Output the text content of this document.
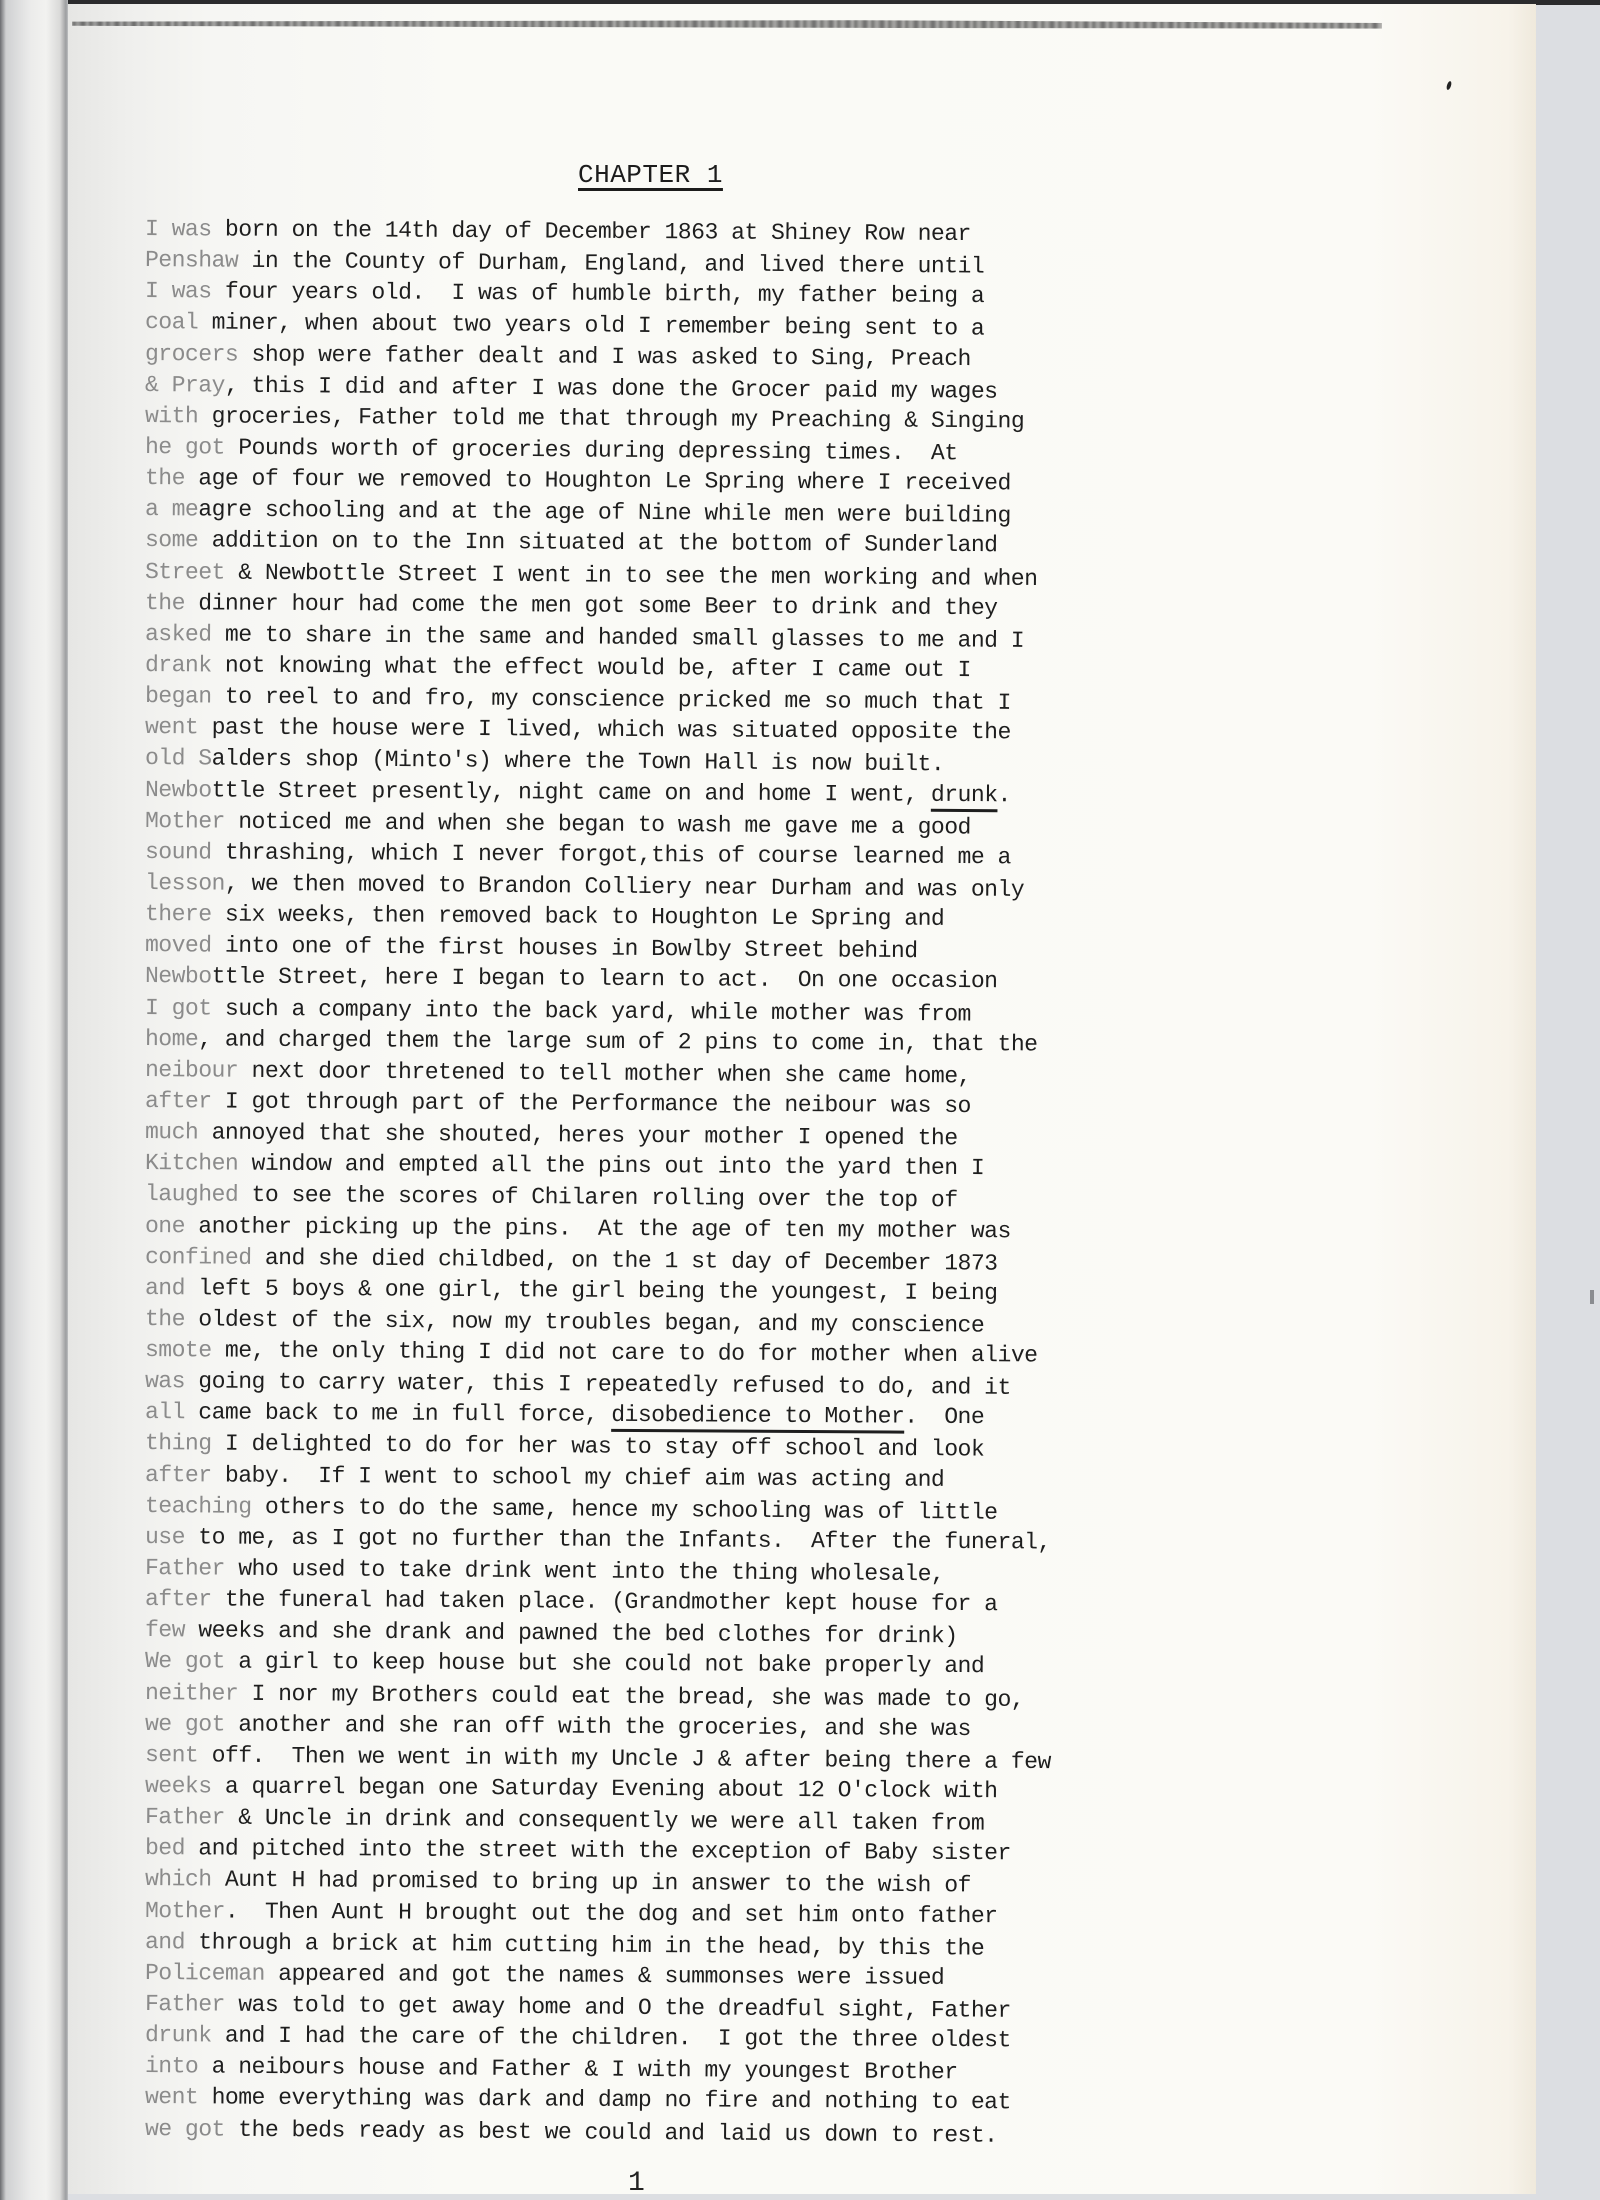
CHAPTER 1
I was born on the 14th day of December 1863 at Shiney Row near
Penshaw in the County of Durham, England, and lived there until
I was four years old.  I was of humble birth, my father being a
coal miner, when about two years old I remember being sent to a
grocers shop were father dealt and I was asked to Sing, Preach
& Pray, this I did and after I was done the Grocer paid my wages
with groceries, Father told me that through my Preaching & Singing
he got Pounds worth of groceries during depressing times.  At
the age of four we removed to Houghton Le Spring where I received
a meagre schooling and at the age of Nine while men were building
some addition on to the Inn situated at the bottom of Sunderland
Street & Newbottle Street I went in to see the men working and when
the dinner hour had come the men got some Beer to drink and they
asked me to share in the same and handed small glasses to me and I
drank not knowing what the effect would be, after I came out I
began to reel to and fro, my conscience pricked me so much that I
went past the house were I lived, which was situated opposite the
old Salders shop (Minto's) where the Town Hall is now built.
Newbottle Street presently, night came on and home I went, drunk.
Mother noticed me and when she began to wash me gave me a good
sound thrashing, which I never forgot,this of course learned me a
lesson, we then moved to Brandon Colliery near Durham and was only
there six weeks, then removed back to Houghton Le Spring and
moved into one of the first houses in Bowlby Street behind
Newbottle Street, here I began to learn to act.  On one occasion
I got such a company into the back yard, while mother was from
home, and charged them the large sum of 2 pins to come in, that the
neibour next door thretened to tell mother when she came home,
after I got through part of the Performance the neibour was so
much annoyed that she shouted, heres your mother I opened the
Kitchen window and empted all the pins out into the yard then I
laughed to see the scores of Chilaren rolling over the top of
one another picking up the pins.  At the age of ten my mother was
confined and she died childbed, on the 1 st day of December 1873
and left 5 boys & one girl, the girl being the youngest, I being
the oldest of the six, now my troubles began, and my conscience
smote me, the only thing I did not care to do for mother when alive
was going to carry water, this I repeatedly refused to do, and it
all came back to me in full force, disobedience to Mother.  One
thing I delighted to do for her was to stay off school and look
after baby.  If I went to school my chief aim was acting and
teaching others to do the same, hence my schooling was of little
use to me, as I got no further than the Infants.  After the funeral,
Father who used to take drink went into the thing wholesale,
after the funeral had taken place. (Grandmother kept house for a
few weeks and she drank and pawned the bed clothes for drink)
We got a girl to keep house but she could not bake properly and
neither I nor my Brothers could eat the bread, she was made to go,
we got another and she ran off with the groceries, and she was
sent off.  Then we went in with my Uncle J & after being there a few
weeks a quarrel began one Saturday Evening about 12 O'clock with
Father & Uncle in drink and consequently we were all taken from
bed and pitched into the street with the exception of Baby sister
which Aunt H had promised to bring up in answer to the wish of
Mother.  Then Aunt H brought out the dog and set him onto father
and through a brick at him cutting him in the head, by this the
Policeman appeared and got the names & summonses were issued
Father was told to get away home and O the dreadful sight, Father
drunk and I had the care of the children.  I got the three oldest
into a neibours house and Father & I with my youngest Brother
went home everything was dark and damp no fire and nothing to eat
we got the beds ready as best we could and laid us down to rest.
1
